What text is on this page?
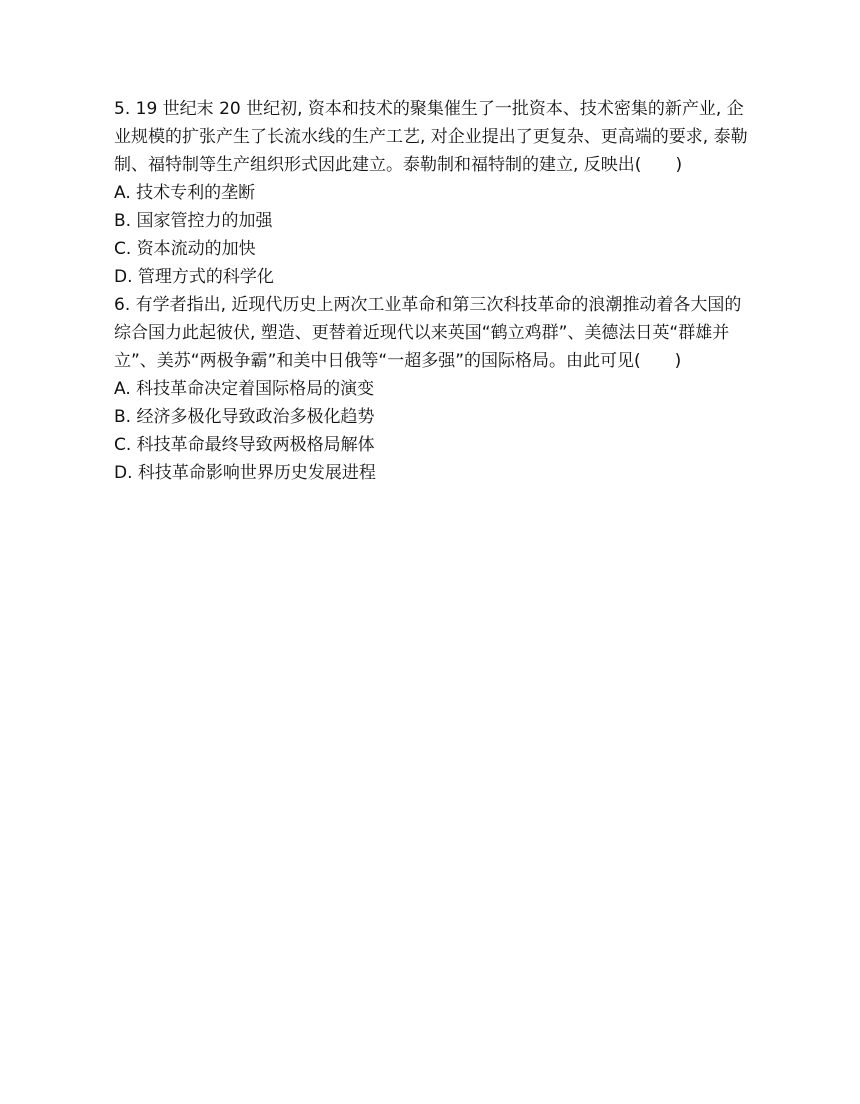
5. 19 世纪末 20 世纪初, 资本和技术的聚集催生了一批资本、技术密集的新产业, 企业规模的扩张产生了长流水线的生产工艺, 对企业提出了更复杂、更高端的要求, 泰勒制、福特制等生产组织形式因此建立。泰勒制和福特制的建立, 反映出(　　)

A. 技术专利的垄断

B. 国家管控力的加强

C. 资本流动的加快

D. 管理方式的科学化

6. 有学者指出, 近现代历史上两次工业革命和第三次科技革命的浪潮推动着各大国的综合国力此起彼伏, 塑造、更替着近现代以来英国“鹤立鸡群”、美德法日英“群雄并立”、美苏“两极争霸”和美中日俄等“一超多强”的国际格局。由此可见(　　)

A. 科技革命决定着国际格局的演变

B. 经济多极化导致政治多极化趋势

C. 科技革命最终导致两极格局解体

D. 科技革命影响世界历史发展进程
